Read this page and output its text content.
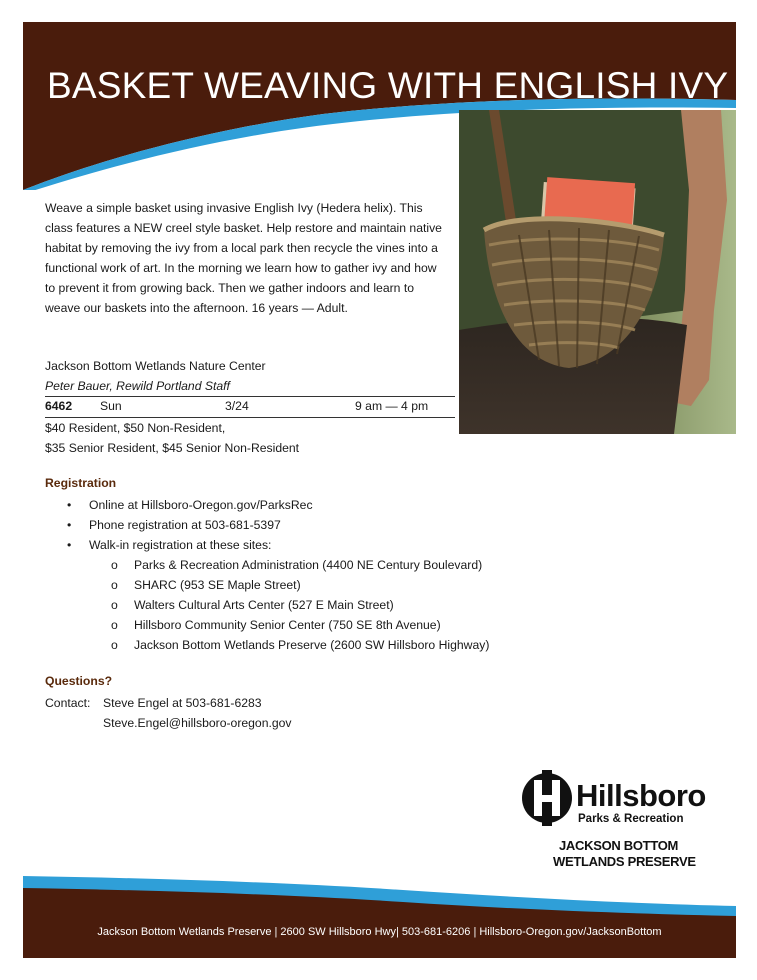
BASKET WEAVING WITH ENGLISH IVY
Weave a simple basket using invasive English Ivy (Hedera helix). This class features a NEW creel style basket. Help restore and maintain native habitat by removing the ivy from a local park then recycle the vines into a functional work of art. In the morning we learn how to gather ivy and how to prevent it from growing back. Then we gather indoors and learn to weave our baskets into the afternoon. 16 years — Adult.
Jackson Bottom Wetlands Nature Center
Peter Bauer, Rewild Portland Staff
6462 Sun	3/24	9 am — 4 pm
$40 Resident, $50 Non-Resident,
$35 Senior Resident, $45 Senior Non-Resident
Registration
• Online at Hillsboro-Oregon.gov/ParksRec
• Phone registration at 503-681-5397
• Walk-in registration at these sites:
o Parks & Recreation Administration (4400 NE Century Boulevard)
o SHARC (953 SE Maple Street)
o Walters Cultural Arts Center (527 E Main Street)
o Hillsboro Community Senior Center (750 SE 8th Avenue)
o Jackson Bottom Wetlands Preserve (2600 SW Hillsboro Highway)
Questions?
Contact: Steve Engel at 503-681-6283
Steve.Engel@hillsboro-oregon.gov
Hillsboro
Parks & Recreation
JACKSON BOTTOM
WETLANDS PRESERVE
Jackson Bottom Wetlands Preserve | 2600 SW Hillsboro Hwy| 503-681-6206 | Hillsboro-Oregon.gov/JacksonBottom
